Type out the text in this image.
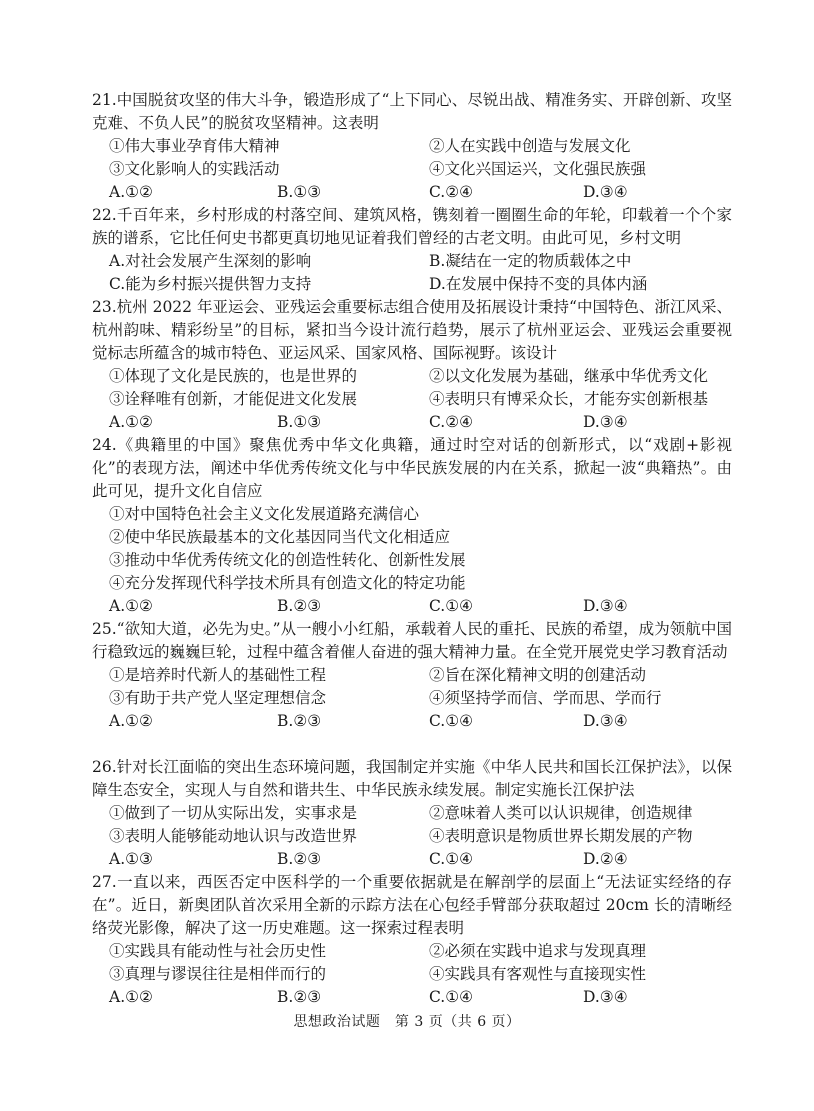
21.中国脱贫攻坚的伟大斗争，锻造形成了“上下同心、尽锐出战、精准务实、开辟创新、攻坚克难、不负人民”的脱贫攻坚精神。这表明

①伟大事业孕育伟大精神	②人在实践中创造与发展文化
③文化影响人的实践活动	④文化兴国运兴，文化强民族强
A.①②	B.①③	C.②④	D.③④

22.千百年来，乡村形成的村落空间、建筑风格，镌刻着一圈圈生命的年轮，印载着一个个家族的谱系，它比任何史书都更真切地见证着我们曾经的古老文明。由此可见，乡村文明

A.对社会发展产生深刻的影响	B.凝结在一定的物质载体之中
C.能为乡村振兴提供智力支持	D.在发展中保持不变的具体内涵

23.杭州 2022 年亚运会、亚残运会重要标志组合使用及拓展设计秉持“中国特色、浙江风采、杭州韵味、精彩纷呈”的目标，紧扣当今设计流行趋势，展示了杭州亚运会、亚残运会重要视觉标志所蕴含的城市特色、亚运风采、国家风格、国际视野。该设计

①体现了文化是民族的，也是世界的	②以文化发展为基础，继承中华优秀文化
③诠释唯有创新，才能促进文化发展	④表明只有博采众长，才能夯实创新根基
A.①②	B.①③	C.②④	D.③④

24.《典籍里的中国》聚焦优秀中华文化典籍，通过时空对话的创新形式，以“戏剧+影视化”的表现方法，阐述中华优秀传统文化与中华民族发展的内在关系，掀起一波“典籍热”。由此可见，提升文化自信应

①对中国特色社会主义文化发展道路充满信心
②使中华民族最基本的文化基因同当代文化相适应
③推动中华优秀传统文化的创造性转化、创新性发展
④充分发挥现代科学技术所具有创造文化的特定功能
A.①②	B.②③	C.①④	D.③④

25.“欲知大道，必先为史。”从一艘小小红船，承载着人民的重托、民族的希望，成为领航中国行稳致远的巍巍巨轮，过程中蕴含着催人奋进的强大精神力量。在全党开展党史学习教育活动

①是培养时代新人的基础性工程	②旨在深化精神文明的创建活动
③有助于共产党人坚定理想信念	④须坚持学而信、学而思、学而行
A.①②	B.②③	C.①④	D.③④

26.针对长江面临的突出生态环境问题，我国制定并实施《中华人民共和国长江保护法》，以保障生态安全，实现人与自然和谐共生、中华民族永续发展。制定实施长江保护法

①做到了一切从实际出发，实事求是	②意味着人类可以认识规律，创造规律
③表明人能够能动地认识与改造世界	④表明意识是物质世界长期发展的产物
A.①③	B.②③	C.①④	D.②④

27.一直以来，西医否定中医科学的一个重要依据就是在解剖学的层面上“无法证实经络的存在”。近日，新奥团队首次采用全新的示踪方法在心包经手臂部分获取超过 20cm 长的清晰经络荧光影像，解决了这一历史难题。这一探索过程表明

①实践具有能动性与社会历史性	②必须在实践中追求与发现真理
③真理与谬误往往是相伴而行的	④实践具有客观性与直接现实性
A.①②	B.②③	C.①④	D.③④
思想政治试题　第 3 页（共 6 页）
